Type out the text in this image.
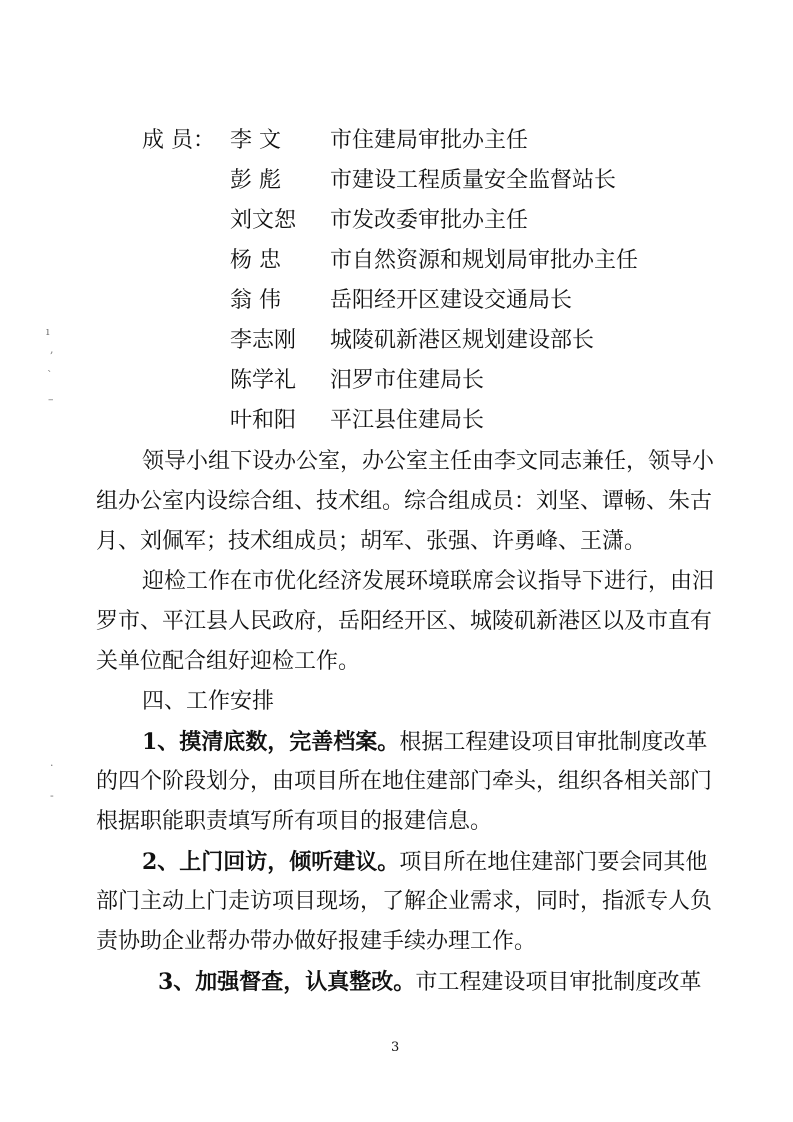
成 员： 李 文 市住建局审批办主任
彭 彪 市建设工程质量安全监督站长
刘文恕 市发改委审批办主任
杨 忠 市自然资源和规划局审批办主任
翁 伟 岳阳经开区建设交通局长
李志刚 城陵矶新港区规划建设部长
陈学礼 汨罗市住建局长
叶和阳 平江县住建局长
领导小组下设办公室，办公室主任由李文同志兼任，领导小
组办公室内设综合组、技术组。综合组成员：刘坚、谭畅、朱古
月、刘佩军；技术组成员；胡军、张强、许勇峰、王潇。
迎检工作在市优化经济发展环境联席会议指导下进行，由汨
罗市、平江县人民政府，岳阳经开区、城陵矶新港区以及市直有
关单位配合组好迎检工作。
四、工作安排
1、摸清底数，完善档案。根据工程建设项目审批制度改革
的四个阶段划分，由项目所在地住建部门牵头，组织各相关部门
根据职能职责填写所有项目的报建信息。
2、上门回访，倾听建议。项目所在地住建部门要会同其他
部门主动上门走访项目现场，了解企业需求，同时，指派专人负
责协助企业帮办带办做好报建手续办理工作。
3、加强督查，认真整改。市工程建设项目审批制度改革
3
ı
,
ˋ
–
·
-
